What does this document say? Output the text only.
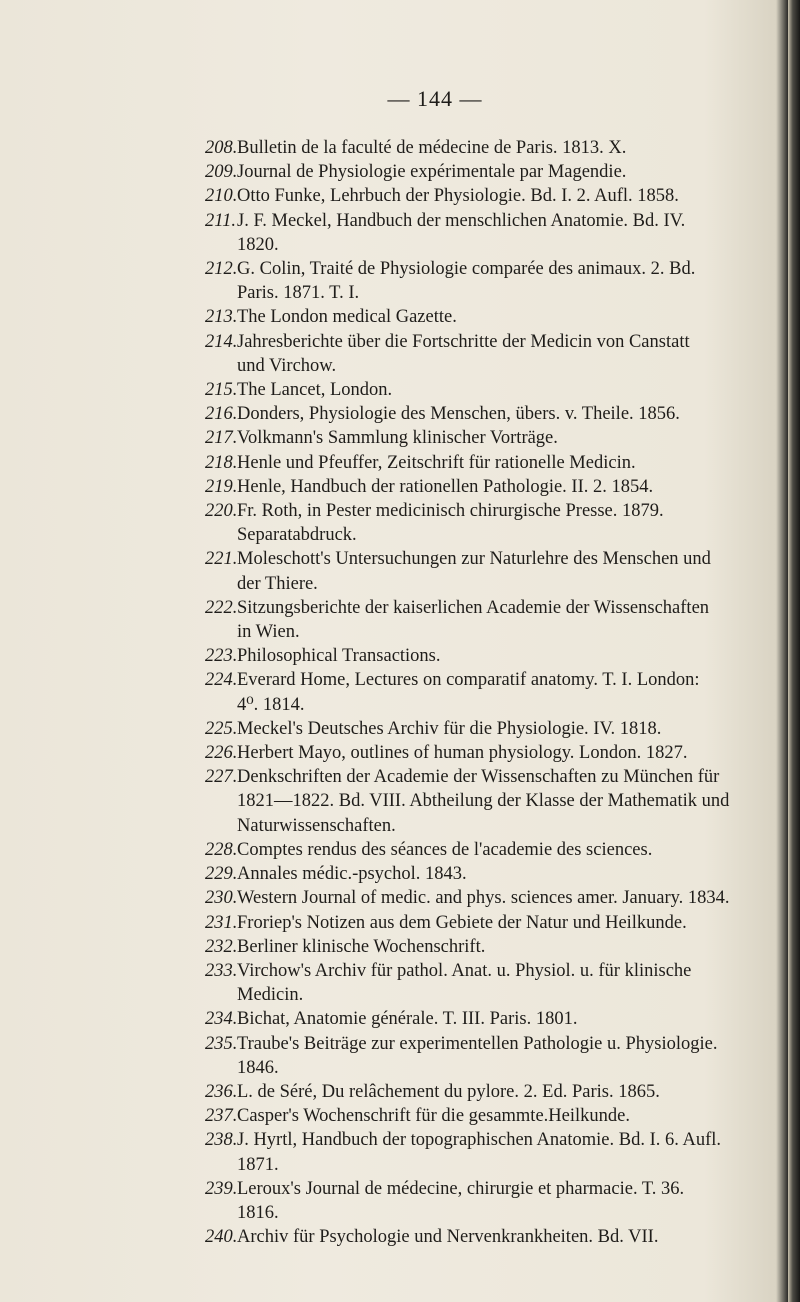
— 144 —
208. Bulletin de la faculté de médecine de Paris. 1813. X.
209. Journal de Physiologie expérimentale par Magendie.
210. Otto Funke, Lehrbuch der Physiologie. Bd. I. 2. Aufl. 1858.
211. J. F. Meckel, Handbuch der menschlichen Anatomie. Bd. IV.
1820.
212. G. Colin, Traité de Physiologie comparée des animaux. 2. Bd.
Paris. 1871. T. I.
213. The London medical Gazette.
214. Jahresberichte über die Fortschritte der Medicin von Canstatt
und Virchow.
215. The Lancet, London.
216. Donders, Physiologie des Menschen, übers. v. Theile. 1856.
217. Volkmann's Sammlung klinischer Vorträge.
218. Henle und Pfeuffer, Zeitschrift für rationelle Medicin.
219. Henle, Handbuch der rationellen Pathologie. II. 2. 1854.
220. Fr. Roth, in Pester medicinisch chirurgische Presse. 1879.
Separatabdruck.
221. Moleschott's Untersuchungen zur Naturlehre des Menschen und
der Thiere.
222. Sitzungsberichte der kaiserlichen Academie der Wissenschaften
in Wien.
223. Philosophical Transactions.
224. Everard Home, Lectures on comparatif anatomy. T. I. London:
4⁰. 1814.
225. Meckel's Deutsches Archiv für die Physiologie. IV. 1818.
226. Herbert Mayo, outlines of human physiology. London. 1827.
227. Denkschriften der Academie der Wissenschaften zu München für
1821—1822. Bd. VIII. Abtheilung der Klasse der Mathematik und
Naturwissenschaften.
228. Comptes rendus des séances de l'academie des sciences.
229. Annales médic.-psychol. 1843.
230. Western Journal of medic. and phys. sciences amer. January. 1834.
231. Froriep's Notizen aus dem Gebiete der Natur und Heilkunde.
232. Berliner klinische Wochenschrift.
233. Virchow's Archiv für pathol. Anat. u. Physiol. u. für klinische
Medicin.
234. Bichat, Anatomie générale. T. III. Paris. 1801.
235. Traube's Beiträge zur experimentellen Pathologie u. Physiologie.
1846.
236. L. de Séré, Du relâchement du pylore. 2. Ed. Paris. 1865.
237. Casper's Wochenschrift für die gesammte.Heilkunde.
238. J. Hyrtl, Handbuch der topographischen Anatomie. Bd. I. 6. Aufl.
1871.
239. Leroux's Journal de médecine, chirurgie et pharmacie. T. 36.
1816.
240. Archiv für Psychologie und Nervenkrankheiten. Bd. VII.
